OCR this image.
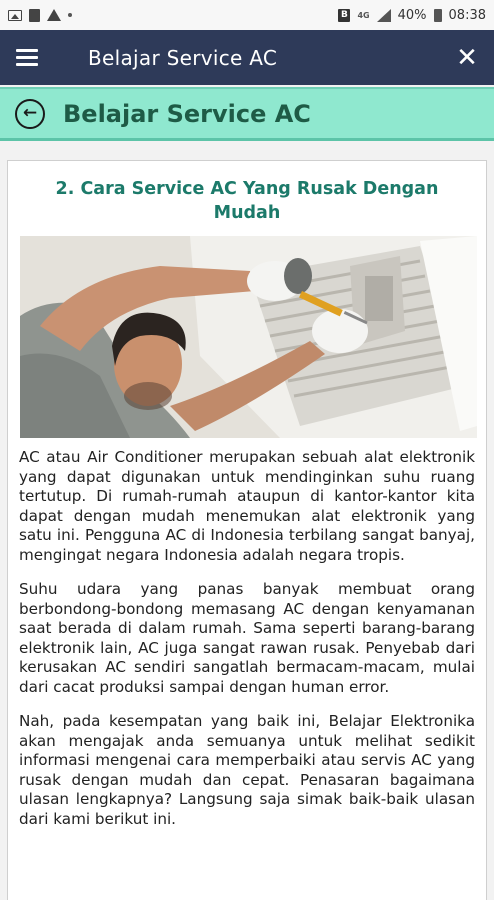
B	4G 40% 08:38
Belajar Service AC	✕
←	Belajar Service AC
2. Cara Service AC Yang Rusak Dengan Mudah

AC atau Air Conditioner merupakan sebuah alat elektronik yang dapat digunakan untuk mendinginkan suhu ruang tertutup. Di rumah-rumah ataupun di kantor-kantor kita dapat dengan mudah menemukan alat elektronik yang satu ini. Pengguna AC di Indonesia terbilang sangat banyaj, mengingat negara Indonesia adalah negara tropis.

Suhu udara yang panas banyak membuat orang berbondong-bondong memasang AC dengan kenyamanan saat berada di dalam rumah. Sama seperti barang-barang elektronik lain, AC juga sangat rawan rusak. Penyebab dari kerusakan AC sendiri sangatlah bermacam-macam, mulai dari cacat produksi sampai dengan human error.

Nah, pada kesempatan yang baik ini, Belajar Elektronika akan mengajak anda semuanya untuk melihat sedikit informasi mengenai cara memperbaiki atau servis AC yang rusak dengan mudah dan cepat. Penasaran bagaimana ulasan lengkapnya? Langsung saja simak baik-baik ulasan dari kami berikut ini.
